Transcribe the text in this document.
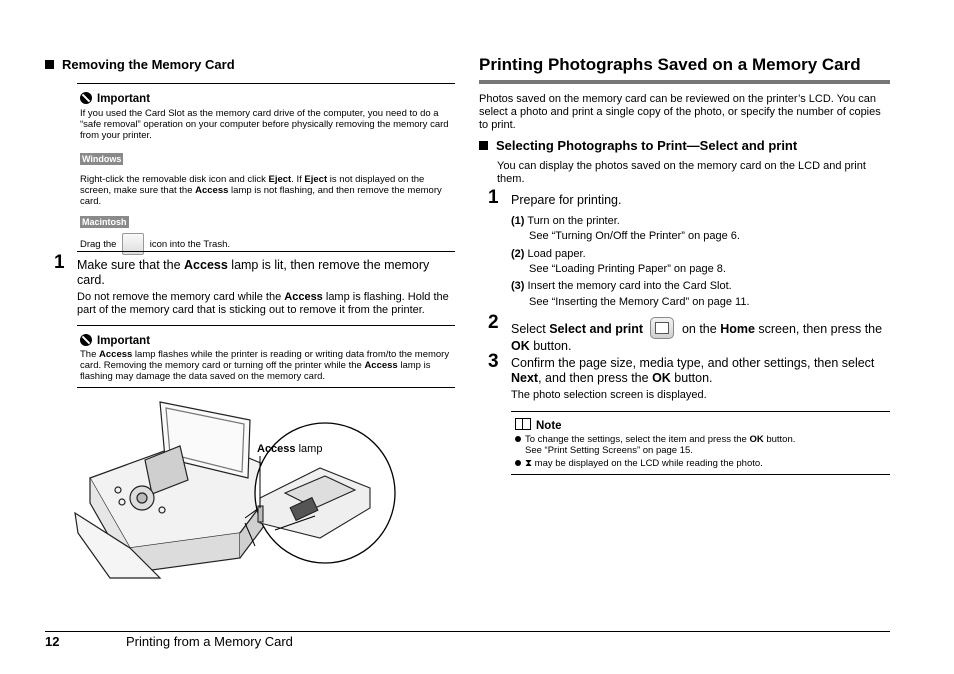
Removing the Memory Card
Important
If you used the Card Slot as the memory card drive of the computer, you need to do a “safe removal” operation on your computer before physically removing the memory card from your printer.
Windows
Right-click the removable disk icon and click Eject. If Eject is not displayed on the screen, make sure that the Access lamp is not flashing, and then remove the memory card.
Macintosh
Drag the	icon into the Trash.
1 Make sure that the Access lamp is lit, then remove the memory card.
Do not remove the memory card while the Access lamp is flashing. Hold the part of the memory card that is sticking out to remove it from the printer.
Important
The Access lamp flashes while the printer is reading or writing data from/to the memory card. Removing the memory card or turning off the printer while the Access lamp is flashing may damage the data saved on the memory card.
Access lamp
Printing Photographs Saved on a Memory Card
Photos saved on the memory card can be reviewed on the printer’s LCD. You can select a photo and print a single copy of the photo, or specify the number of copies to print.
Selecting Photographs to Print—Select and print
You can display the photos saved on the memory card on the LCD and print them.
1 Prepare for printing.
(1) Turn on the printer.
See “Turning On/Off the Printer” on page 6.
(2) Load paper.
See “Loading Printing Paper” on page 8.
(3) Insert the memory card into the Card Slot.
See “Inserting the Memory Card” on page 11.
2 Select Select and print	on the Home screen, then press the OK button.
3 Confirm the page size, media type, and other settings, then select Next, and then press the OK button.
The photo selection screen is displayed.
Note
To change the settings, select the item and press the OK button.
See “Print Setting Screens” on page 15.
⧗ may be displayed on the LCD while reading the photo.
12	Printing from a Memory Card
